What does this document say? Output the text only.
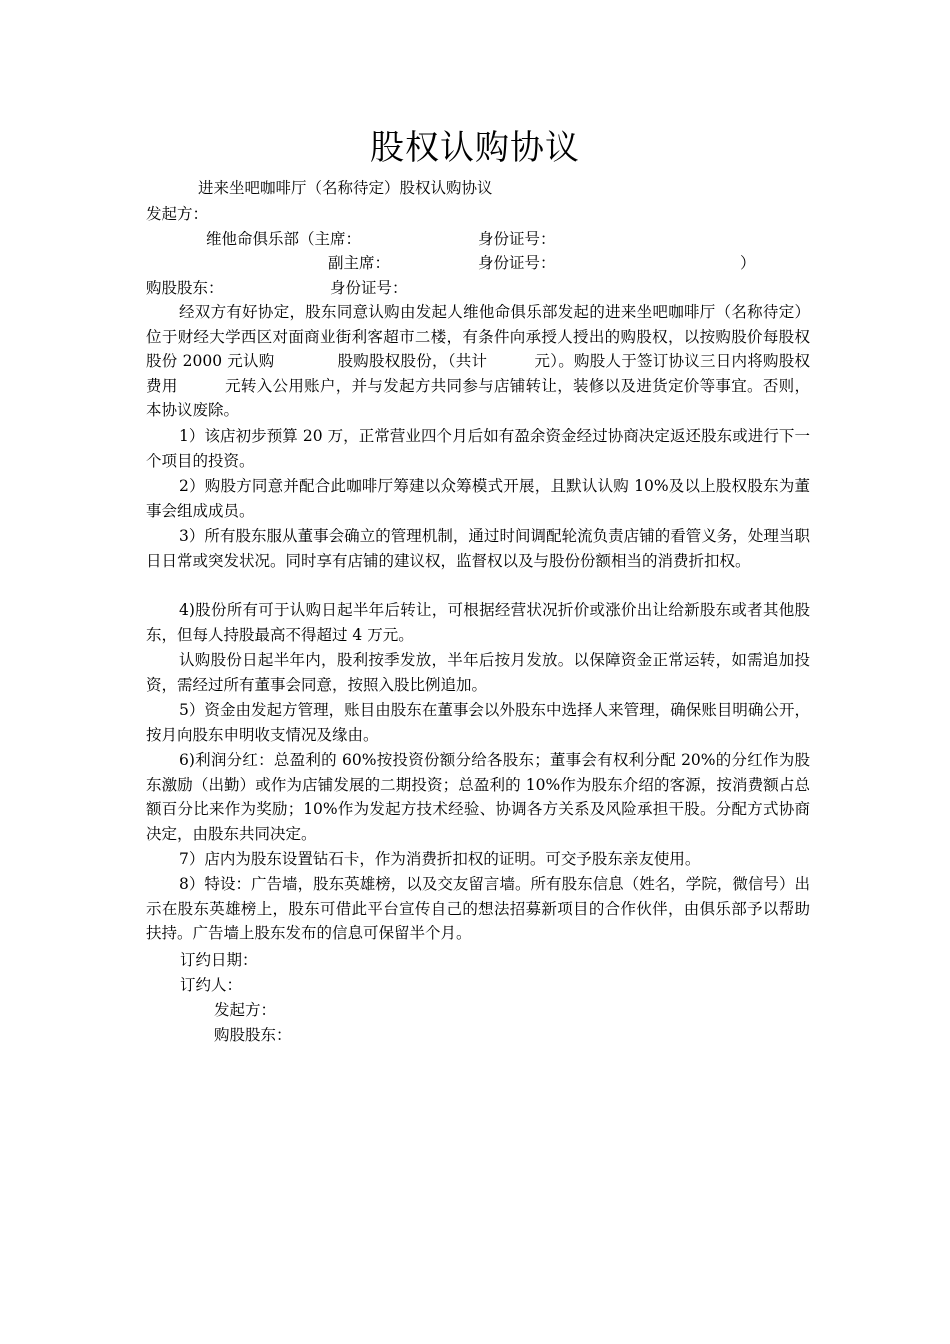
股权认购协议
进来坐吧咖啡厅（名称待定）股权认购协议
发起方：
维他命俱乐部（主席：	身份证号：
副主席：	身份证号：	）
购股股东：	身份证号：
经双方有好协定，股东同意认购由发起人维他命俱乐部发起的进来坐吧咖啡厅（名称待定）位于财经大学西区对面商业街利客超市二楼，有条件向承授人授出的购股权，以按购股价每股权股份 2000 元认购　　　　股购股权股份，（共计　　　元）。购股人于签订协议三日内将购股权费用　　　元转入公用账户，并与发起方共同参与店铺转让，装修以及进货定价等事宜。否则，本协议废除。
1）该店初步预算 20 万，正常营业四个月后如有盈余资金经过协商决定返还股东或进行下一个项目的投资。
2）购股方同意并配合此咖啡厅筹建以众筹模式开展，且默认认购 10%及以上股权股东为董事会组成成员。
3）所有股东服从董事会确立的管理机制，通过时间调配轮流负责店铺的看管义务，处理当职日日常或突发状况。同时享有店铺的建议权，监督权以及与股份份额相当的消费折扣权。
4)股份所有可于认购日起半年后转让，可根据经营状况折价或涨价出让给新股东或者其他股东，但每人持股最高不得超过 4 万元。
认购股份日起半年内，股利按季发放，半年后按月发放。以保障资金正常运转，如需追加投资，需经过所有董事会同意，按照入股比例追加。
5）资金由发起方管理，账目由股东在董事会以外股东中选择人来管理，确保账目明确公开，按月向股东申明收支情况及缘由。
6)利润分红：总盈利的 60%按投资份额分给各股东；董事会有权利分配 20%的分红作为股东激励（出勤）或作为店铺发展的二期投资；总盈利的 10%作为股东介绍的客源，按消费额占总额百分比来作为奖励；10%作为发起方技术经验、协调各方关系及风险承担干股。分配方式协商决定，由股东共同决定。
7）店内为股东设置钻石卡，作为消费折扣权的证明。可交予股东亲友使用。
8）特设：广告墙，股东英雄榜，以及交友留言墙。所有股东信息（姓名，学院，微信号）出示在股东英雄榜上，股东可借此平台宣传自己的想法招募新项目的合作伙伴，由俱乐部予以帮助扶持。广告墙上股东发布的信息可保留半个月。
订约日期：
订约人：
发起方：
购股股东：
